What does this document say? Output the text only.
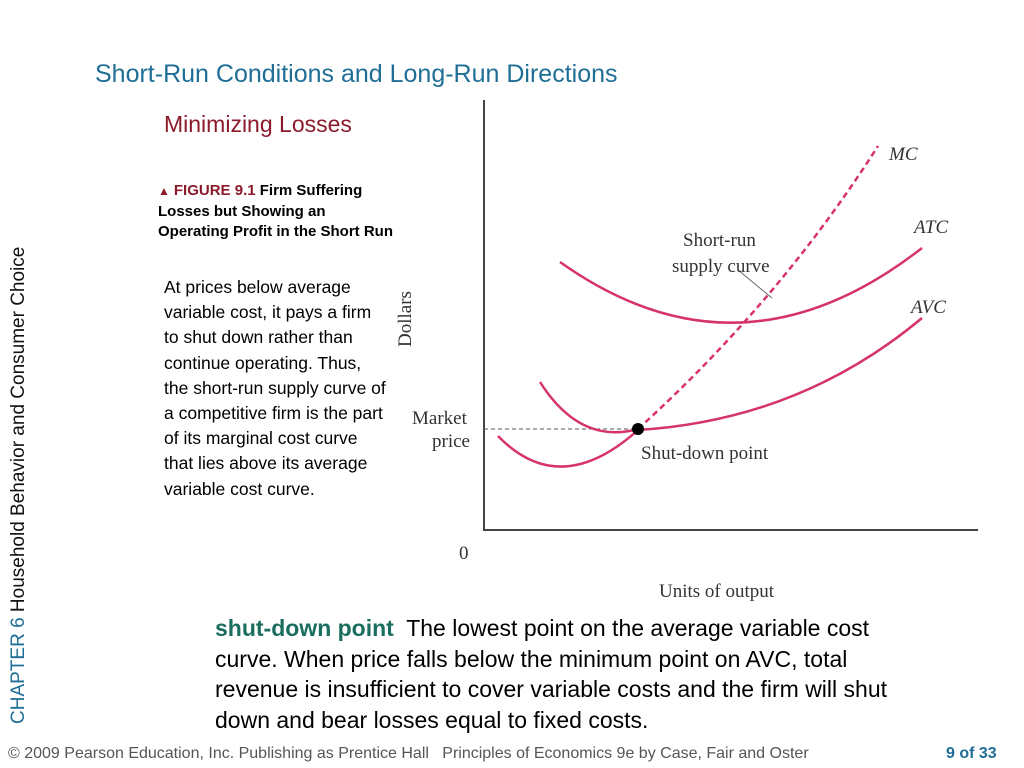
Short-Run Conditions and Long-Run Directions
Minimizing Losses
▲ FIGURE 9.1 Firm Suffering Losses but Showing an Operating Profit in the Short Run
At prices below average variable cost, it pays a firm to shut down rather than continue operating. Thus, the short-run supply curve of a competitive firm is the part of its marginal cost curve that lies above its average variable cost curve.
CHAPTER 6 Household Behavior and Consumer Choice	Dollars
Units of output
0
Market
price
MC
ATC
AVC
Short-run
supply curve
Shut-down point
shut-down point The lowest point on the average variable cost curve. When price falls below the minimum point on AVC, total revenue is insufficient to cover variable costs and the firm will shut down and bear losses equal to fixed costs.
© 2009 Pearson Education, Inc. Publishing as Prentice Hall Principles of Economics 9e by Case, Fair and Oster	9 of 33
